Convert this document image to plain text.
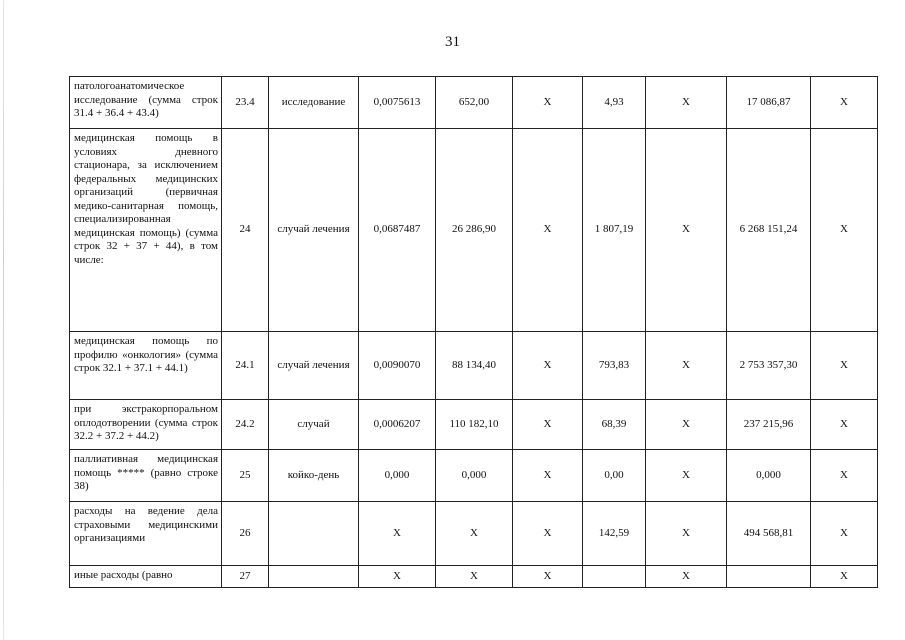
31
патологоанатомическое исследование (сумма строк 31.4 + 36.4 + 43.4)	23.4	исследование	0,0075613	652,00	X	4,93	X	17 086,87	X
медицинская помощь в условиях дневного стационара, за исключением федеральных медицинских организаций (первичная медико-санитарная помощь, специализированная медицинская помощь) (сумма строк 32 + 37 + 44), в том числе:	24	случай лечения	0,0687487	26 286,90	X	1 807,19	X	6 268 151,24	X
медицинская помощь по профилю «онкология» (сумма строк 32.1 + 37.1 + 44.1)	24.1	случай лечения	0,0090070	88 134,40	X	793,83	X	2 753 357,30	X
при экстракорпоральном оплодотворении (сумма строк 32.2 + 37.2 + 44.2)	24.2	случай	0,0006207	110 182,10	X	68,39	X	237 215,96	X
паллиативная медицинская помощь ***** (равно строке 38)	25	койко-день	0,000	0,000	X	0,00	X	0,000	X
расходы на ведение дела страховыми медицинскими организациями	26		X	X	X	142,59	X	494 568,81	X
иные расходы (равно	27		X	X	X		X		X
